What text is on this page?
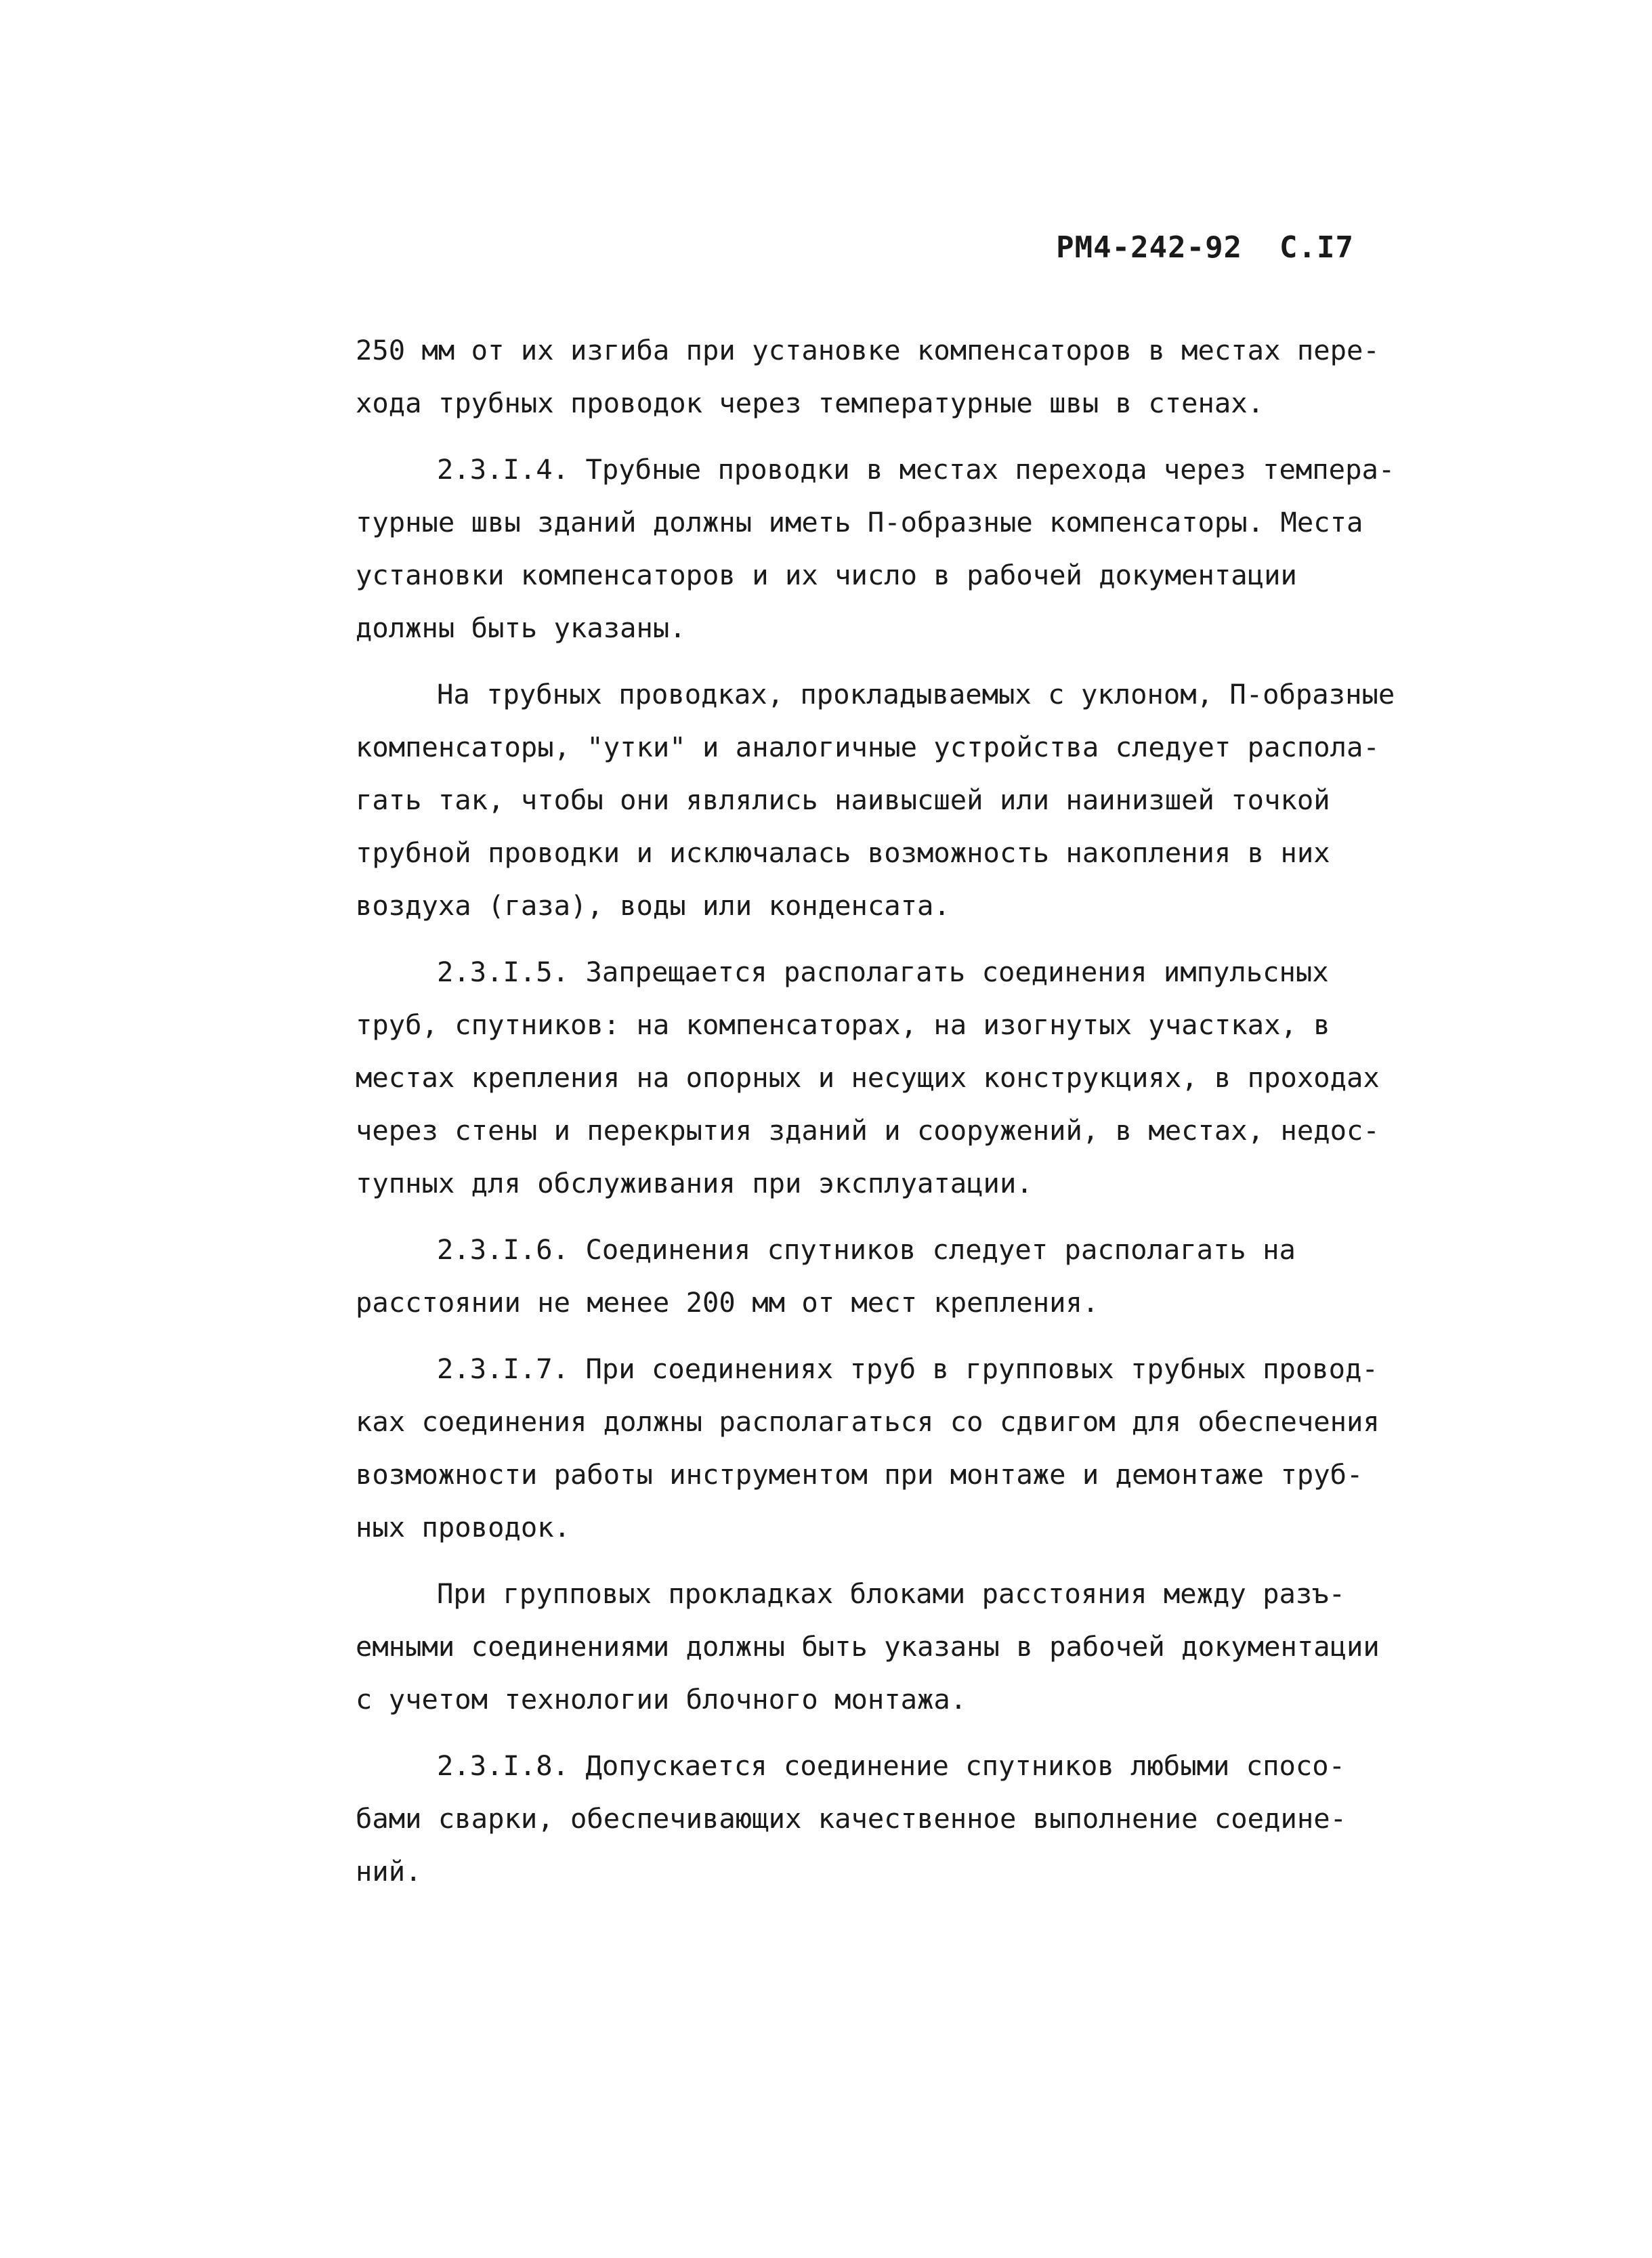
РМ4-242-92 С.I7
250 мм от их изгиба при установке компенсаторов в местах пере-
хода трубных проводок через температурные швы в стенах.
2.3.I.4. Трубные проводки в местах перехода через темпера-
турные швы зданий должны иметь П-образные компенсаторы. Места
установки компенсаторов и их число в рабочей документации
должны быть указаны.
На трубных проводках, прокладываемых с уклоном, П-образные
компенсаторы, "утки" и аналогичные устройства следует распола-
гать так, чтобы они являлись наивысшей или наинизшей точкой
трубной проводки и исключалась возможность накопления в них
воздуха (газа), воды или конденсата.
2.3.I.5. Запрещается располагать соединения импульсных
труб, спутников: на компенсаторах, на изогнутых участках, в
местах крепления на опорных и несущих конструкциях, в проходах
через стены и перекрытия зданий и сооружений, в местах, недос-
тупных для обслуживания при эксплуатации.
2.3.I.6. Соединения спутников следует располагать на
расстоянии не менее 200 мм от мест крепления.
2.3.I.7. При соединениях труб в групповых трубных провод-
ках соединения должны располагаться со сдвигом для обеспечения
возможности работы инструментом при монтаже и демонтаже труб-
ных проводок.
При групповых прокладках блоками расстояния между разъ-
емными соединениями должны быть указаны в рабочей документации
с учетом технологии блочного монтажа.
2.3.I.8. Допускается соединение спутников любыми спосо-
бами сварки, обеспечивающих качественное выполнение соедине-
ний.
